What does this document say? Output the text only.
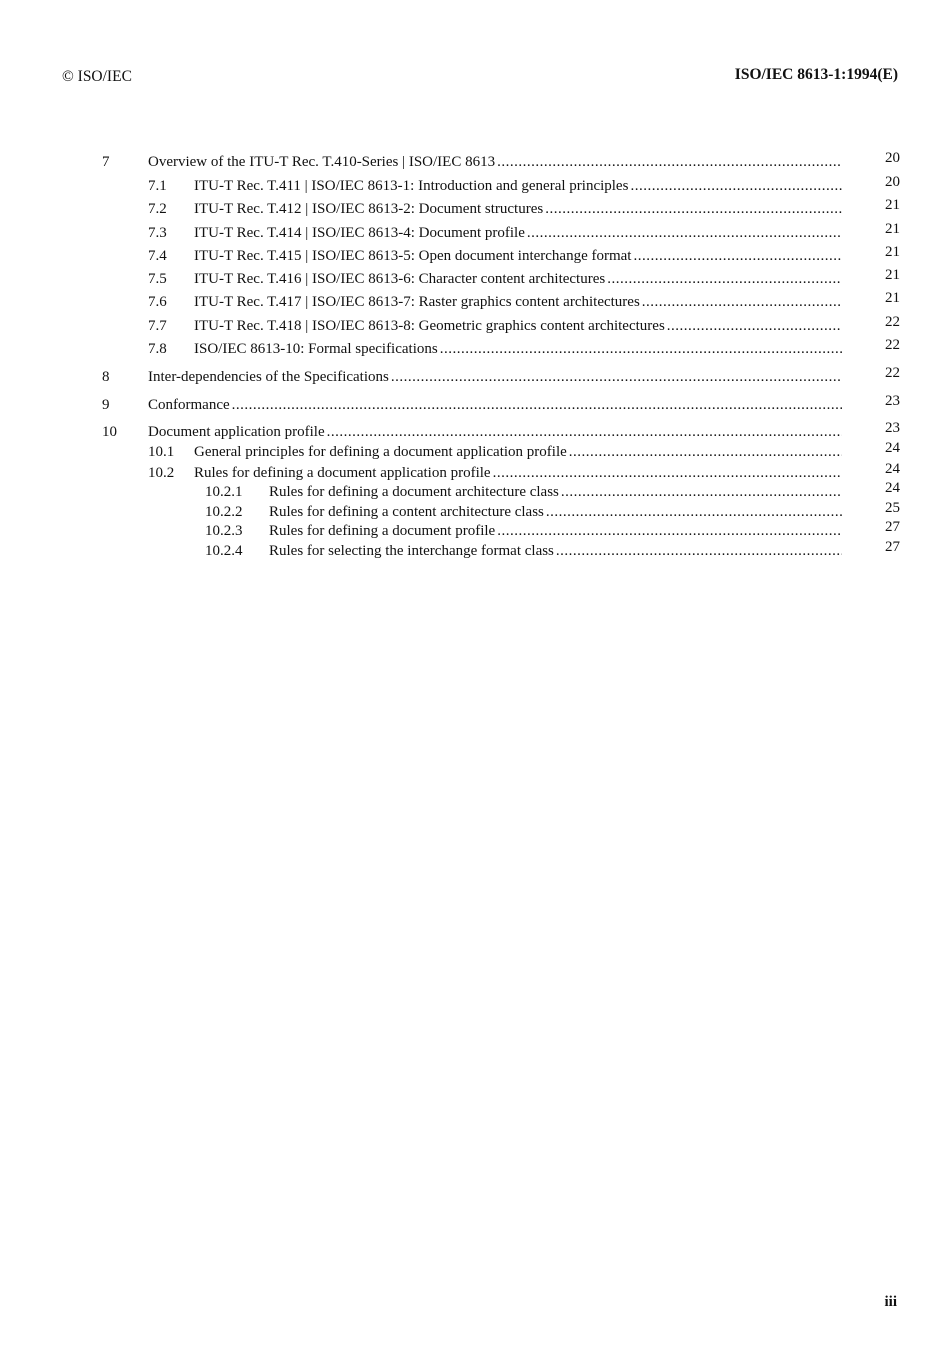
© ISO/IEC	ISO/IEC 8613-1:1994(E)
7	Overview of the ITU-T Rec. T.410-Series | ISO/IEC 8613 .....	20
7.1 ITU-T Rec. T.411 | ISO/IEC 8613-1: Introduction and general principles .....	20
7.2 ITU-T Rec. T.412 | ISO/IEC 8613-2: Document structures .....	21
7.3 ITU-T Rec. T.414 | ISO/IEC 8613-4: Document profile .....	21
7.4 ITU-T Rec. T.415 | ISO/IEC 8613-5: Open document interchange format .....	21
7.5 ITU-T Rec. T.416 | ISO/IEC 8613-6: Character content architectures .....	21
7.6 ITU-T Rec. T.417 | ISO/IEC 8613-7: Raster graphics content architectures .....	21
7.7 ITU-T Rec. T.418 | ISO/IEC 8613-8: Geometric graphics content architectures .....	22
7.8 ISO/IEC 8613-10: Formal specifications .....	22
8	Inter-dependencies of the Specifications .....	22
9	Conformance .....	23
10 Document application profile .....	23
10.1 General principles for defining a document application profile .....	24
10.2 Rules for defining a document application profile .....	24
10.2.1 Rules for defining a document architecture class .....	24
10.2.2 Rules for defining a content architecture class .....	25
10.2.3 Rules for defining a document profile .....	27
10.2.4 Rules for selecting the interchange format class .....	27
iii
